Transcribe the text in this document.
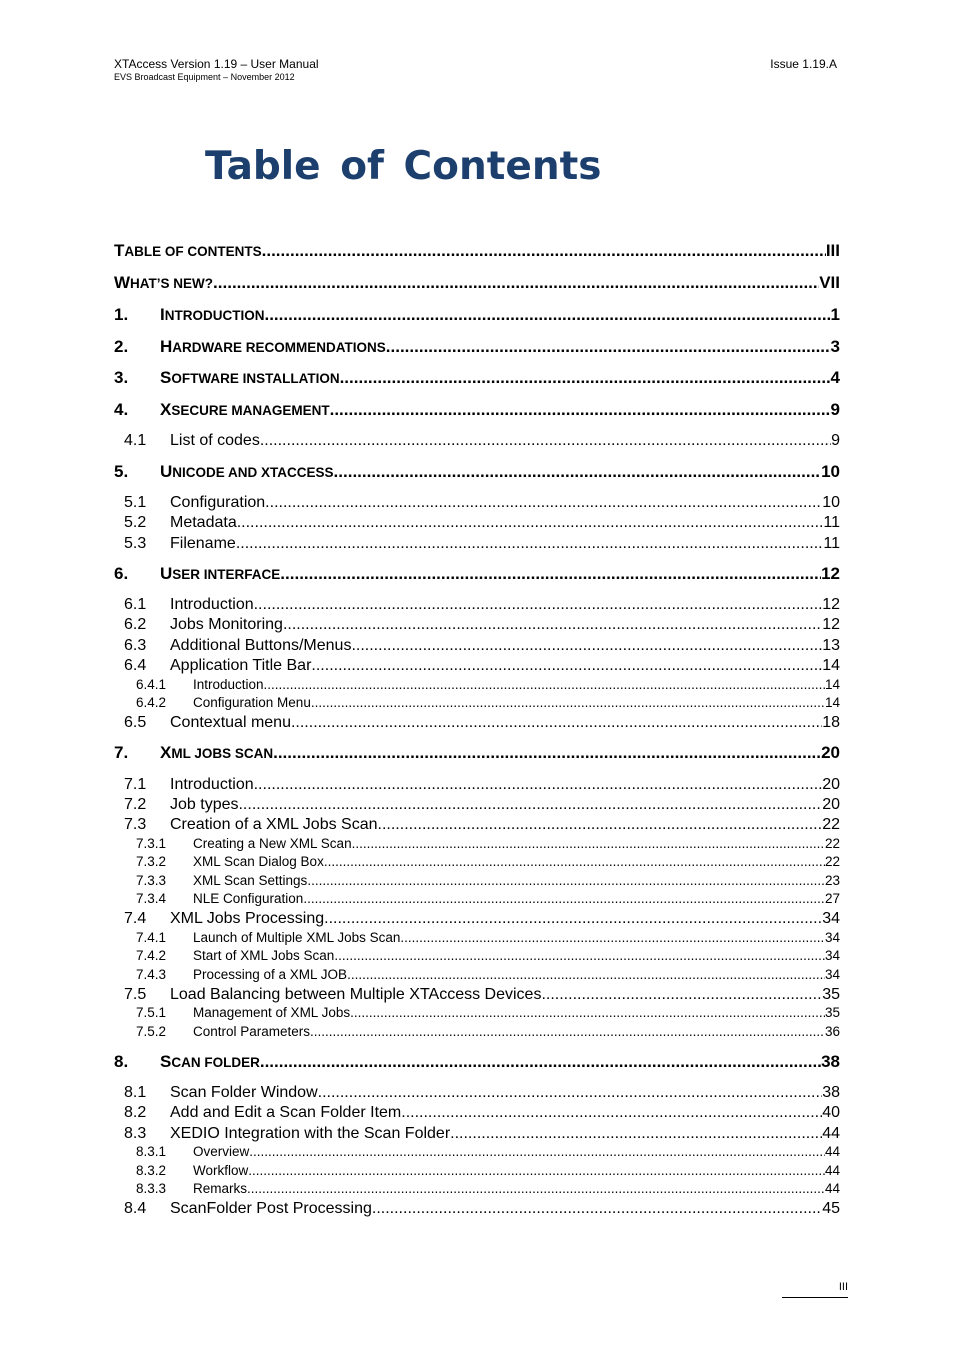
XTAccess Version 1.19 – User Manual
EVS Broadcast Equipment – November 2012
Issue 1.19.A
Table of Contents
TABLE OF CONTENTS .....	III
WHAT’S NEW? .....	VII
1.	INTRODUCTION .....	1
2.	HARDWARE RECOMMENDATIONS .....	3
3.	SOFTWARE INSTALLATION .....	4
4.	XSECURE MANAGEMENT .....	9
4.1	List of codes .....	9
5.	UNICODE AND XTACCESS .....	10
5.1	Configuration .....	10
5.2	Metadata .....	11
5.3	Filename .....	11
6.	USER INTERFACE .....	12
6.1	Introduction .....	12
6.2	Jobs Monitoring .....	12
6.3	Additional Buttons/Menus .....	13
6.4	Application Title Bar .....	14
6.4.1	Introduction .....	14
6.4.2	Configuration Menu .....	14
6.5	Contextual menu .....	18
7.	XML JOBS SCAN .....	20
7.1	Introduction .....	20
7.2	Job types .....	20
7.3	Creation of a XML Jobs Scan .....	22
7.3.1	Creating a New XML Scan .....	22
7.3.2	XML Scan Dialog Box .....	22
7.3.3	XML Scan Settings .....	23
7.3.4	NLE Configuration .....	27
7.4	XML Jobs Processing .....	34
7.4.1	Launch of Multiple XML Jobs Scan .....	34
7.4.2	Start of XML Jobs Scan .....	34
7.4.3	Processing of a XML JOB .....	34
7.5	Load Balancing between Multiple XTAccess Devices .....	35
7.5.1	Management of XML Jobs .....	35
7.5.2	Control Parameters .....	36
8.	SCAN FOLDER .....	38
8.1	Scan Folder Window .....	38
8.2	Add and Edit a Scan Folder Item .....	40
8.3	XEDIO Integration with the Scan Folder .....	44
8.3.1	Overview .....	44
8.3.2	Workflow .....	44
8.3.3	Remarks .....	44
8.4	ScanFolder Post Processing .....	45
III
